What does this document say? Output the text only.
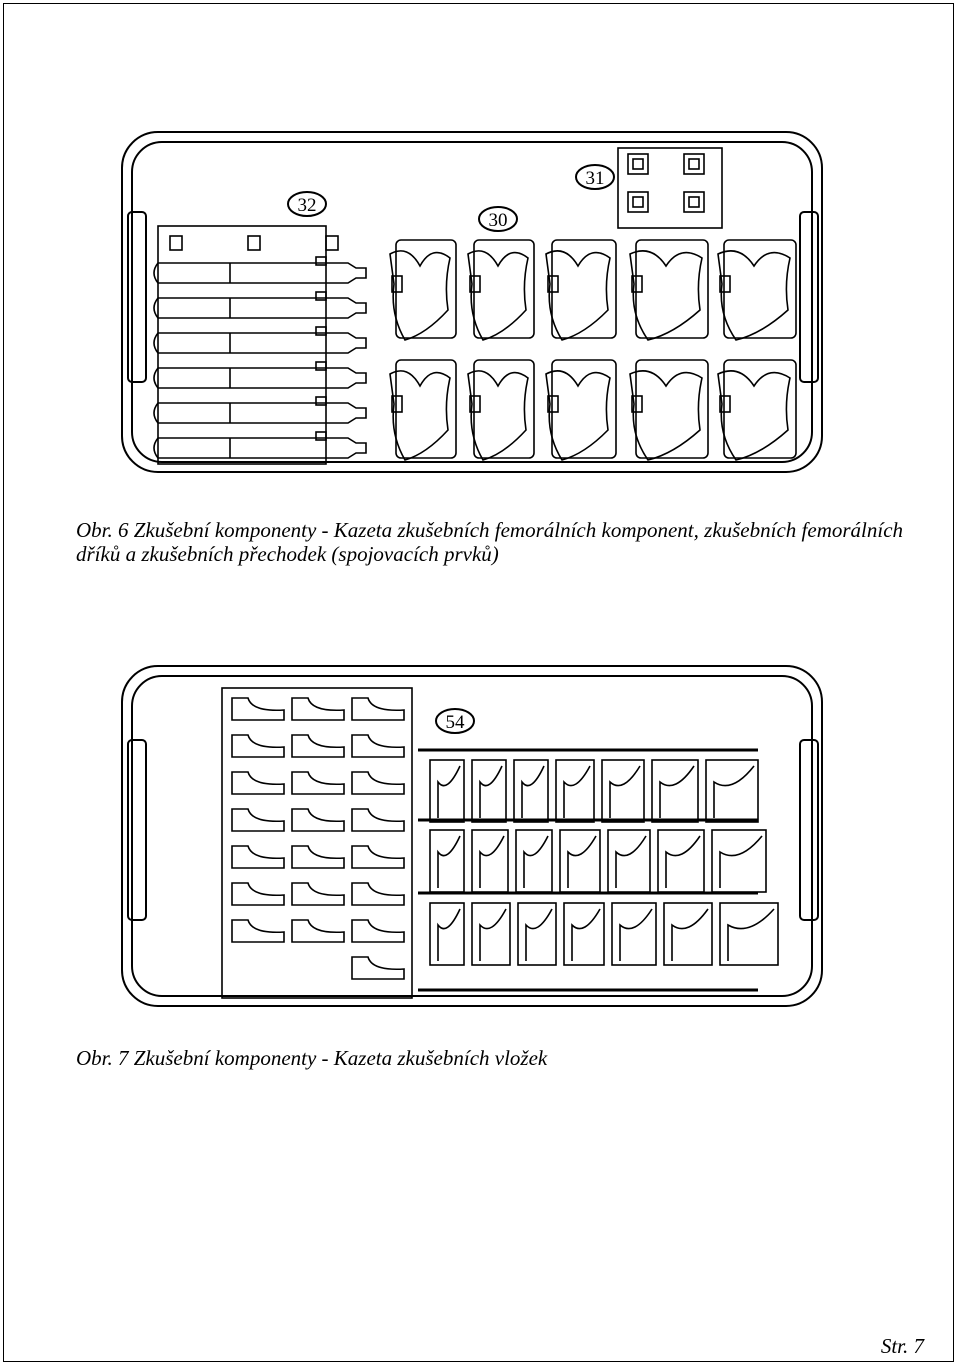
32
30
31
Obr. 6 Zkušební komponenty - Kazeta zkušebních femorálních komponent, zkušebních femorálních dříků a zkušebních přechodek (spojovacích prvků)
54
Obr. 7 Zkušební komponenty - Kazeta zkušebních vložek
Str. 7
